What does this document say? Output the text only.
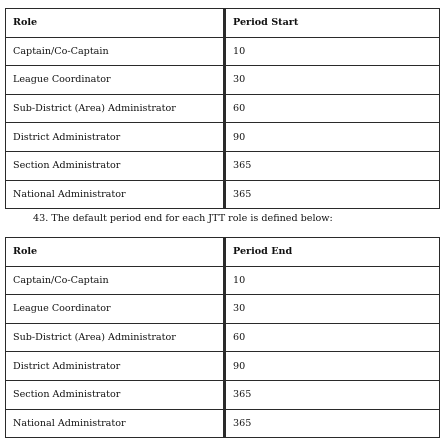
Role	Period Start
Captain/Co-Captain	10
League Coordinator	30
Sub-District (Area) Administrator	60
District Administrator	90
Section Administrator	365
National Administrator	365
43. The default period end for each JTT role is defined below:
Role	Period End
Captain/Co-Captain	10
League Coordinator	30
Sub-District (Area) Administrator	60
District Administrator	90
Section Administrator	365
National Administrator	365
